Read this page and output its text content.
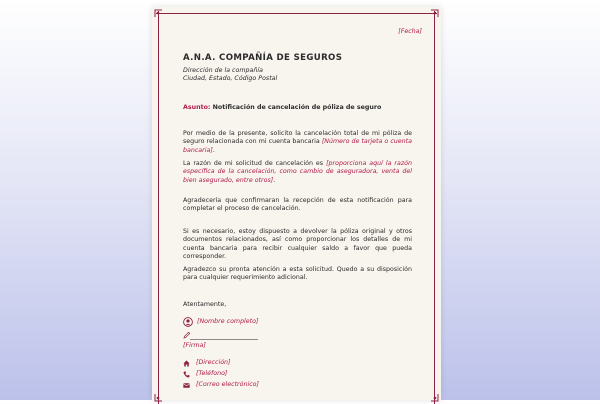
[Fecha]
A.N.A. COMPAÑÍA DE SEGUROS
Dirección de la compañía
Ciudad, Estado, Código Postal
Asunto: Notificación de cancelación de póliza de seguro
Por medio de la presente, solicito la cancelación total de mi póliza de seguro relacionada con mi cuenta bancaria [Número de tarjeta o cuenta bancaria].
La razón de mi solicitud de cancelación es [proporciona aquí la razón específica de la cancelación, como cambio de aseguradora, venta del bien asegurado, entre otros].
Agradecería que confirmaran la recepción de esta notificación para completar el proceso de cancelación.
Si es necesario, estoy dispuesto a devolver la póliza original y otros documentos relacionados, así como proporcionar los detalles de mi cuenta bancaria para recibir cualquier saldo a favor que pueda corresponder.
Agradezco su pronta atención a esta solicitud. Quedo a su disposición para cualquier requerimiento adicional.
Atentamente,
[Nombre completo]
[Firma]
[Dirección]
[Teléfono]
[Correo electrónico]
